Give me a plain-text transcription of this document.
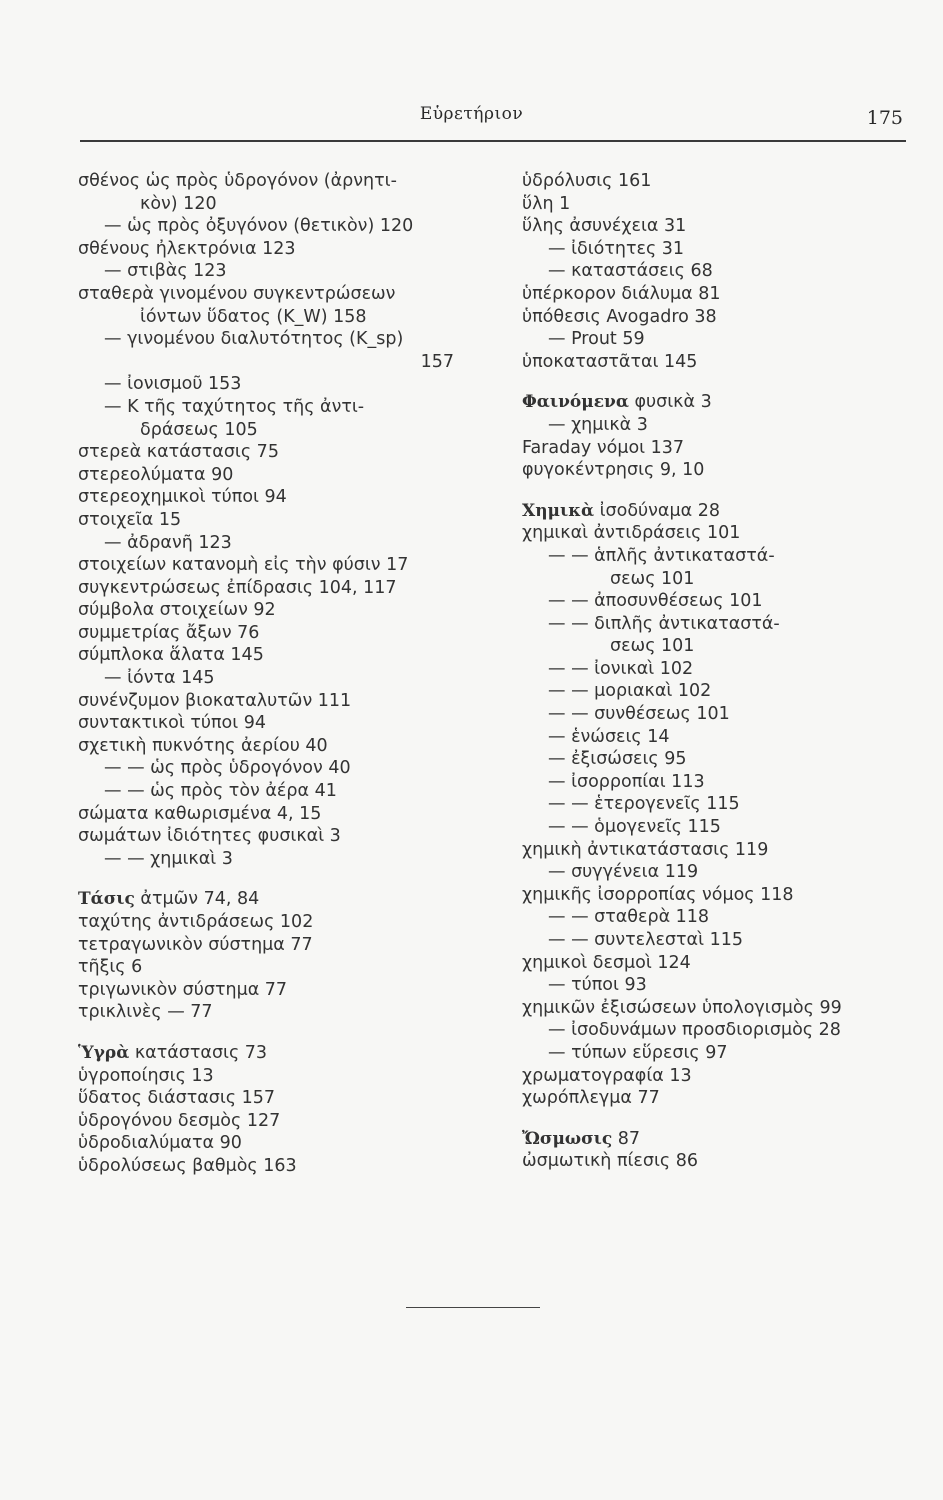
Εὑρετήριον	175
σθένος ὡς πρὸς ὑδρογόνον (ἀρνητι-
κὸν) 120
— ὡς πρὸς ὀξυγόνον (θετικὸν) 120
σθένους ἠλεκτρόνια 123
— στιβὰς 123
σταθερὰ γινομένου συγκεντρώσεων
ἰόντων ὕδατος (K_W) 158
— γινομένου διαλυτότητος (K_sp)
157
— ἰονισμοῦ 153
— Κ τῆς ταχύτητος τῆς ἀντι-
δράσεως 105
στερεὰ κατάστασις 75
στερεολύματα 90
στερεοχημικοὶ τύποι 94
στοιχεῖα 15
— ἀδρανῆ 123
στοιχείων κατανομὴ εἰς τὴν φύσιν 17
συγκεντρώσεως ἐπίδρασις 104, 117
σύμβολα στοιχείων 92
συμμετρίας ἄξων 76
σύμπλοκα ἅλατα 145
— ἰόντα 145
συνένζυμον βιοκαταλυτῶν 111
συντακτικοὶ τύποι 94
σχετικὴ πυκνότης ἀερίου 40
— — ὡς πρὸς ὑδρογόνον 40
— — ὡς πρὸς τὸν ἀέρα 41
σώματα καθωρισμένα 4, 15
σωμάτων ἰδιότητες φυσικαὶ 3
— — χημικαὶ 3
Τάσις ἀτμῶν 74, 84
ταχύτης ἀντιδράσεως 102
τετραγωνικὸν σύστημα 77
τῆξις 6
τριγωνικὸν σύστημα 77
τρικλινὲς — 77
Ὑγρὰ κατάστασις 73
ὑγροποίησις 13
ὕδατος διάστασις 157
ὑδρογόνου δεσμὸς 127
ὑδροδιαλύματα 90
ὑδρολύσεως βαθμὸς 163
ὑδρόλυσις 161
ὕλη 1
ὕλης ἀσυνέχεια 31
— ἰδιότητες 31
— καταστάσεις 68
ὑπέρκορον διάλυμα 81
ὑπόθεσις Avogadro 38
— Prout 59
ὑποκαταστᾶται 145
Φαινόμενα φυσικὰ 3
— χημικὰ 3
Faraday νόμοι 137
φυγοκέντρησις 9, 10
Χημικὰ ἰσοδύναμα 28
χημικαὶ ἀντιδράσεις 101
— — ἁπλῆς ἀντικαταστά-
σεως 101
— — ἀποσυνθέσεως 101
— — διπλῆς ἀντικαταστά-
σεως 101
— — ἰονικαὶ 102
— — μοριακαὶ 102
— — συνθέσεως 101
— ἑνώσεις 14
— ἐξισώσεις 95
— ἰσορροπίαι 113
— — ἑτερογενεῖς 115
— — ὁμογενεῖς 115
χημικὴ ἀντικατάστασις 119
— συγγένεια 119
χημικῆς ἰσορροπίας νόμος 118
— — σταθερὰ 118
— — συντελεσταὶ 115
χημικοὶ δεσμοὶ 124
— τύποι 93
χημικῶν ἐξισώσεων ὑπολογισμὸς 99
— ἰσοδυνάμων προσδιορισμὸς 28
— τύπων εὕρεσις 97
χρωματογραφία 13
χωρόπλεγμα 77
Ὤσμωσις 87
ὠσμωτικὴ πίεσις 86
